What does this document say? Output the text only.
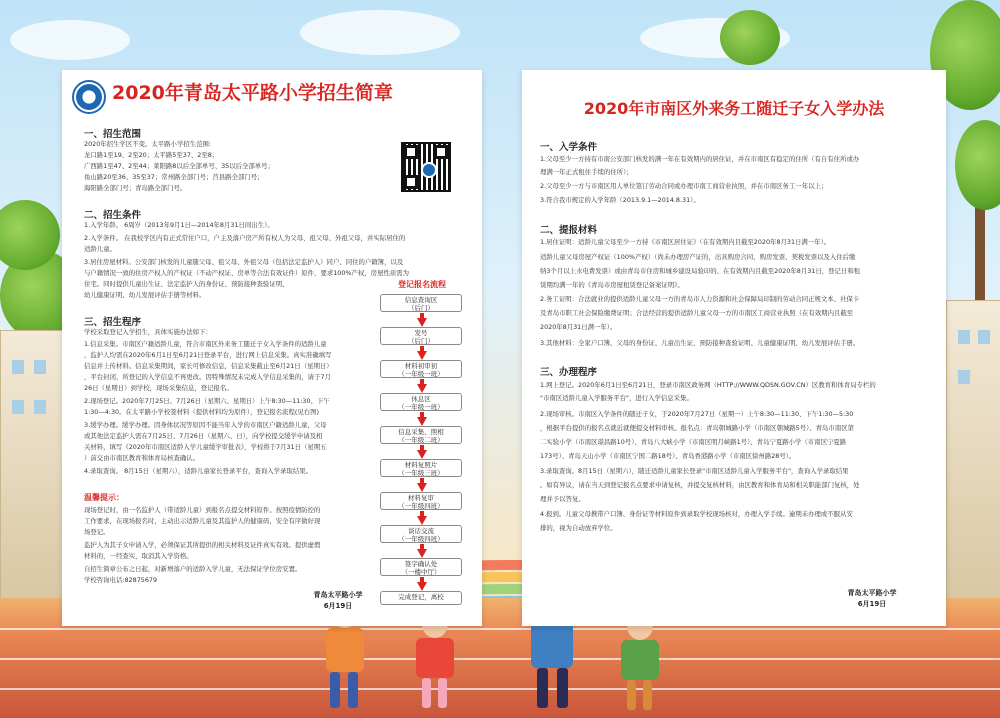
2020年青岛太平路小学招生简章
一、招生范围
2020年招生学区不变。太平路小学招生范围:
龙口路1至19、2至20；太平路5至37、2至8；
广西路1至47、2至44；莱阳路8以后全部单号、35以后全部单号；
鱼山路20至36、35至37；常州路全部门号；莒县路全部门号；
海阳路全部门号；青岛路全部门号。
二、招生条件
1.入学年龄。 6周岁（2013年9月1日—2014年8月31日间出生）。
2.入学条件。 在我校学区内有正式常住户口，户主及落户房产所有权人为父母、祖父母、外祖父母，并实际居住的
适龄儿童。
3.居住房屋材料。公安部门核发的儿童随父母、祖父母、外祖父母（包括法定监护人）同户、同住的户籍簿，以及
与户籍情况一致的住房产权人的产权证（不动产权证、房单等合法有效证件）原件，要求100%产权，房屋性质需为
住宅。同时提供儿童出生证、法定监护人的身份证、预防接种查验证明、
幼儿健康证明、幼儿发展评估手册等材料。
三、招生程序
学校采取登记入学招生，具体实施办法如下：
1.信息采集。市南区户籍适龄儿童，符合市南区外来务工随迁子女入学条件的适龄儿童
，监护人均需在2020年6月1日至6月21日登录平台，进行网上信息采集。真实准确填写
信息并上传材料。信息采集期间，家长可修改信息，信息采集截止至6月21日（星期日）
，平台封闭，所登记的入学信息不再更改。因特殊情况未完成入学信息采集的，请于7月
26日（星期日）到学校，现场采集信息，登记报名。
2.现场登记。2020年7月25日、7月26日（星期六、星期日）上午8:30—11:30、下午
1:30—4:30。在太平路小学校签材料（提供材料均为原件），登记报名流程(见右图)
3.缓学办理。缓学办理。因身体状况等原因不能当年入学的市南区户籍适龄儿童，父母
或其他法定监护人需在7月25日、7月26日（星期六、日），向学校提交缓学申请及相
关材料，填写《2020年市南区适龄入学儿童缓学审批表》，学校将于7月31日（星期五
）前交由市南区教育和体育局核查确认。
4.录取查询。 8月15日（星期六），适龄儿童家长登录平台，查询入学录取结果。
温馨提示：
现场登记时，由一名监护人（带适龄儿童）到报名点提交材料原件。按照疫情防控的
工作要求，在现场报名时，主动出示适龄儿童及其监护人的健康码，安全有序做好现
场登记。
监护人为其子女申请入学，必须保证其所提供的相关材料及证件真实有效。提供虚假
材料的，一经查实，取消其入学资格。
自招生简章公布之日起，对新增落户的适龄入学儿童，无法保证学位房安置。
学校咨询电话:82875679
登记报名流程
信息查询区
（后门）
发号
（后门）
材料初审初
（一年级一班）
休息区
（一年级一班）
信息采集、照相
（一年级二班）
材料复照片
（一年级三班）
材料复审
（一年级四班）
谈话交流
（一年级四班）
签字确认处
（一楼中厅）
完成登记，离校
青岛太平路小学
6月19日
2020年市南区外来务工随迁子女入学办法
一、入学条件
1.父母至少一方持有市南公安部门核发的满一年在有效期内的居住证，并在市南区有稳定的住所（有自有住所或办
理满一年正式租住手续的住所）；
2.父母至少一方与市南区用人单位签订劳动合同或办理市南工商营业执照，并在市南区务工一年以上；
3.符合我市规定的入学年龄（2013.9.1—2014.8.31）。
二、提报材料
1.居住证明：适龄儿童父母至少一方持《市南区居住证》（在有效期内且截至2020年8月31日满一年）。
适龄儿童父母房屋产权证（100%产权）（尚未办理房产证的，出具购房合同、购房发票、契税发票以及入住后缴
纳3个月以上水电费发票）或由青岛市住房和城乡建设局验印的、在有效期内且截至2020年8月31日，登记日和租
赁期均满一年的《青岛市房屋租赁登记备案证明》。
2.务工证明：合法就业的提供适龄儿童父母一方的青岛市人力资源和社会保障局印制的劳动合同正规文本、社保卡
及青岛市职工社会保险缴费证明；合法经营的提供适龄儿童父母一方的市南区工商营业执照（在有效期内且截至
2020年8月31日满一年）。
3.其他材料：全家户口簿、父母的身份证、儿童出生证、预防接种查验证明、儿童健康证明、幼儿发展评估手册。
三、办理程序
1.网上登记。2020年6月1日至6月21日，登录市南区政务网（HTTP://WWW.QDSN.GOV.CN）区教育和体育局专栏的
"市南区适龄儿童入学服务平台"，进行入学信息采集。
2.现场审核。市南区入学条件的随迁子女，于2020年7月27日（星期一）上午8:30—11:30、下午1:30—5:30
，根据平台提供的报名点就近就便提交材料审核。报名点：青岛朝城路小学（市南区朝城路5号）、青岛市南区第
二实验小学（市南区璟昌路10号）、青岛八大峡小学（市南区明月峡路1号）、青岛宁夏路小学（市南区宁夏路
173号）、青岛天山小学（市南区宁国二路18号）、青岛香港路小学（市南区徐州路28号）。
3.录取查询。8月15日（星期六），随迁适龄儿童家长登录"市南区适龄儿童入学服务平台"，查询入学录取结果
。如有异议，请在当天到登记报名点要求申请复核，并提交复核材料，由区教育和体育局和相关职能部门复核，处
理并予以答复。
4.报到。儿童父母携带户口簿、身份证等材料原件到录取学校现场核对，办理入学手续。逾期未办理或不服从安
排的，视为自动放弃学位。
青岛太平路小学
6月19日
